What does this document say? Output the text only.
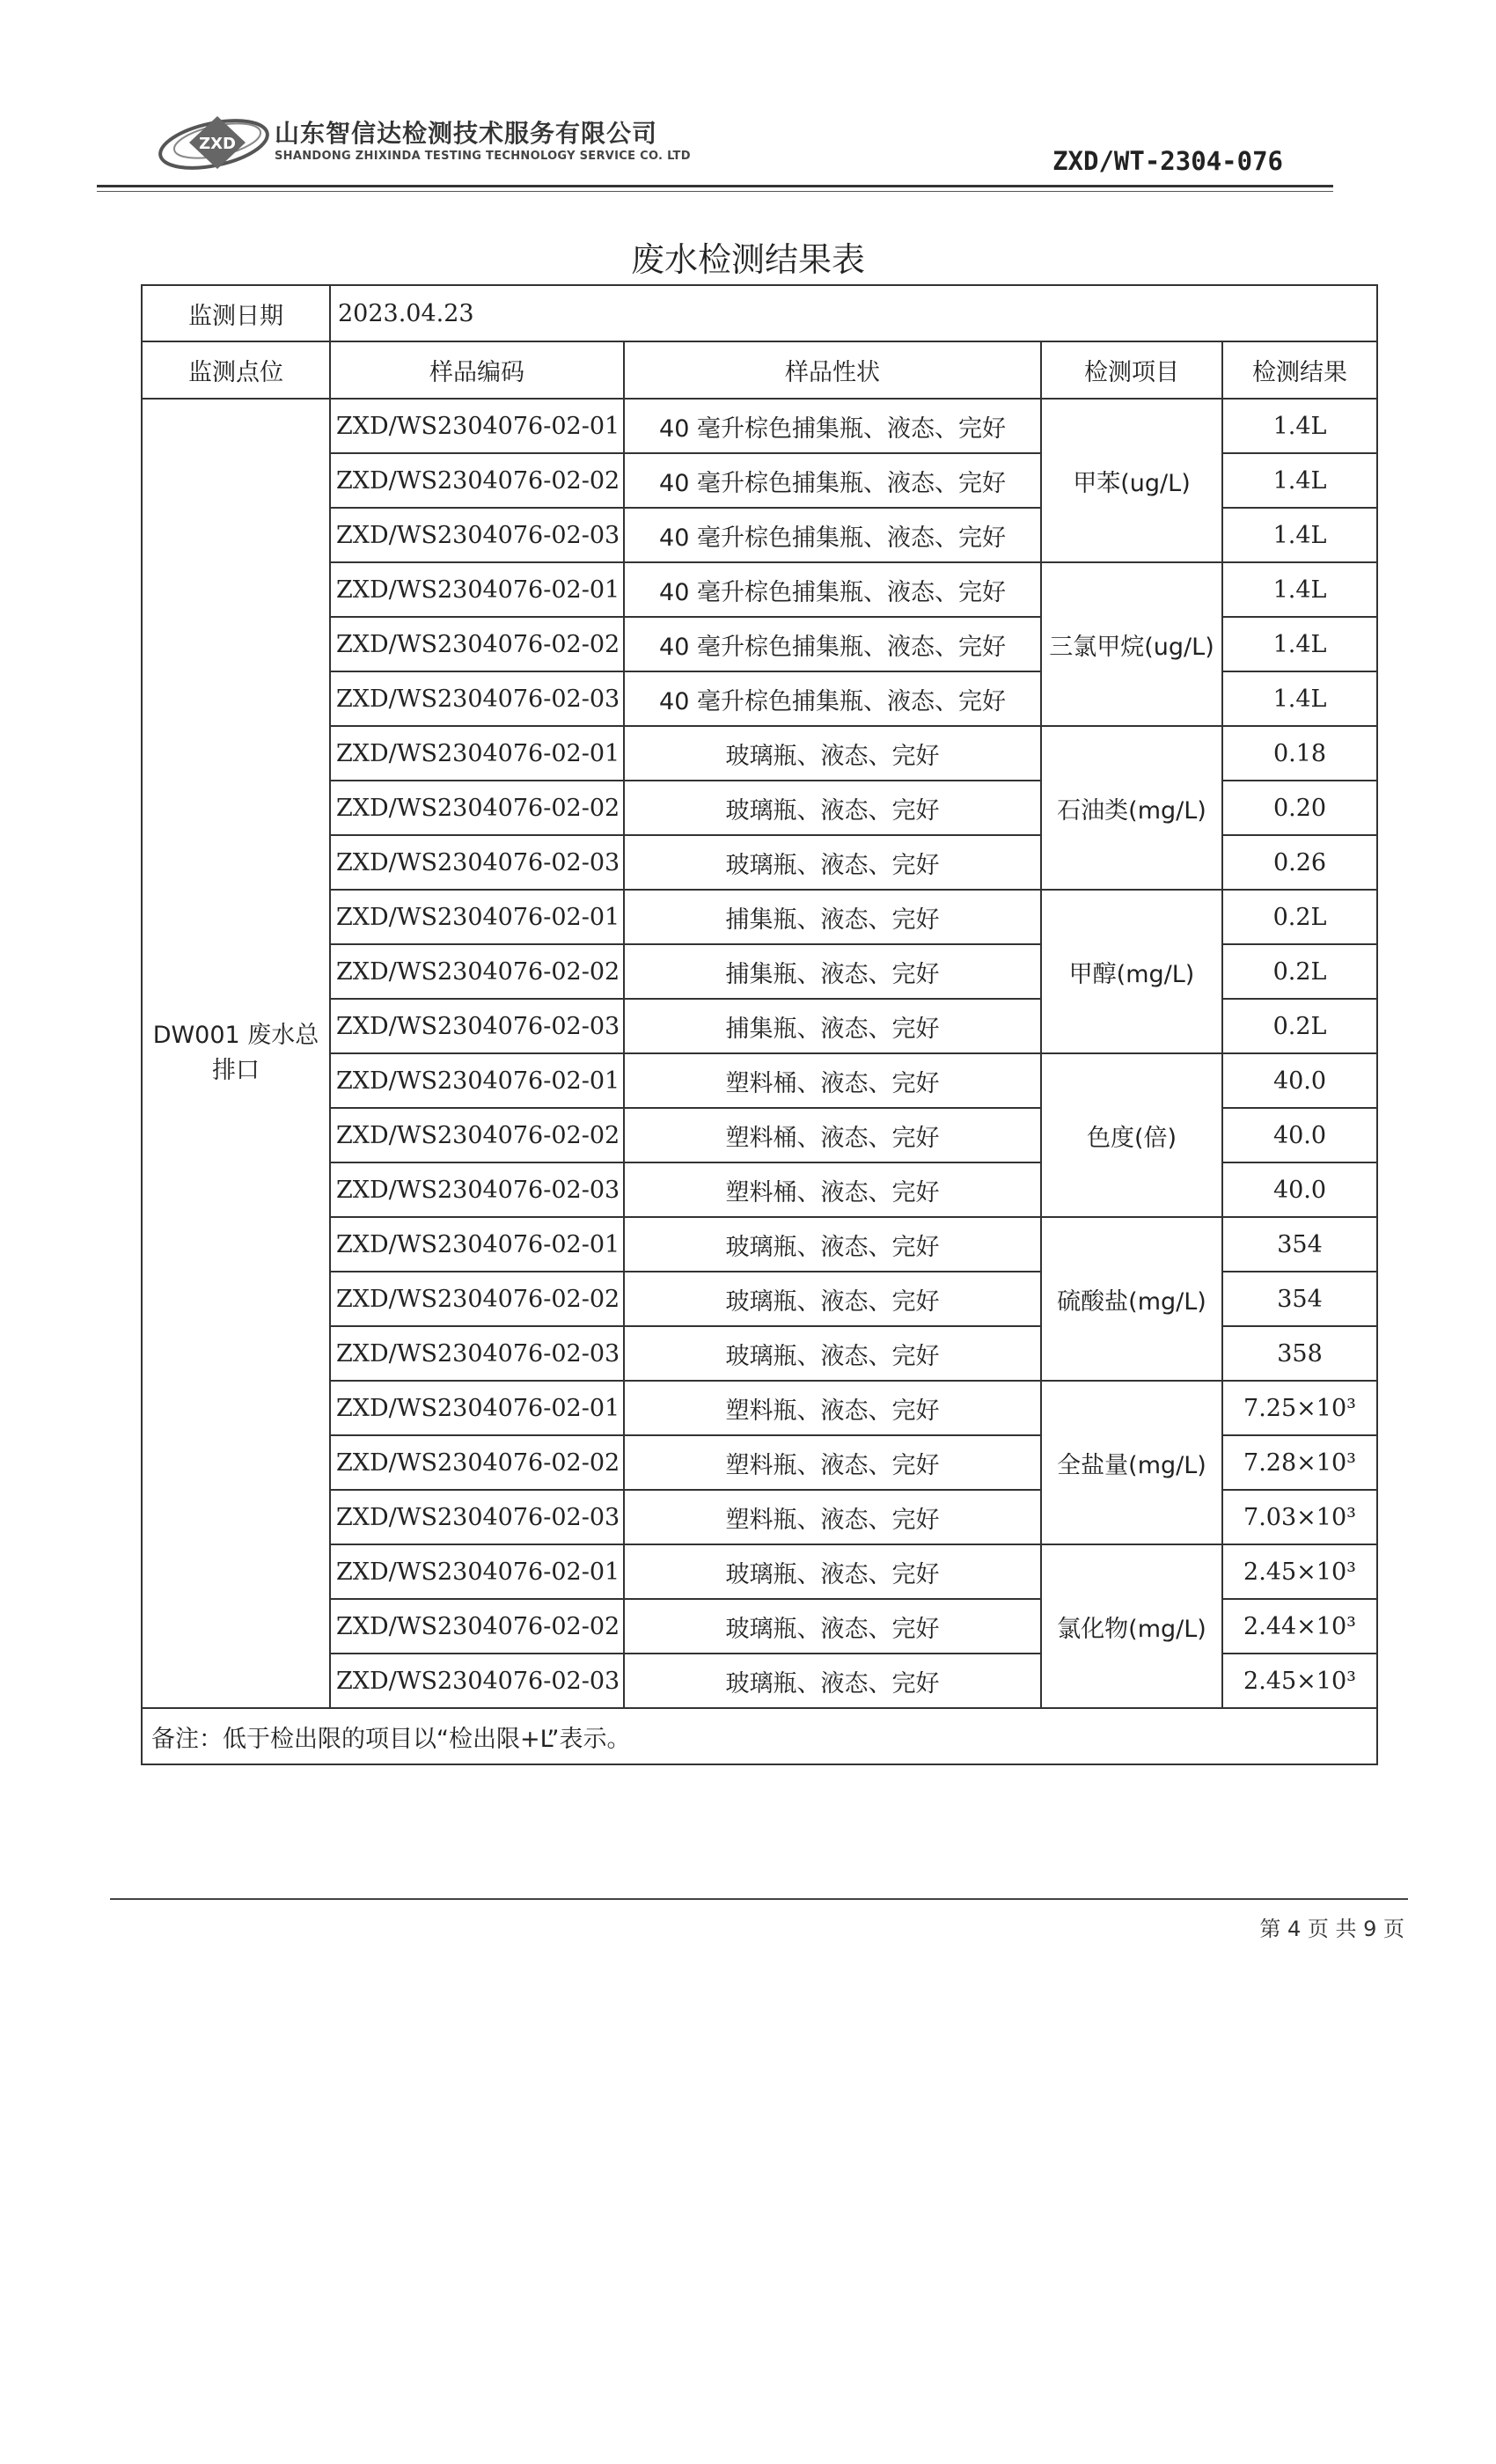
ZXD 山东智信达检测技术服务有限公司
SHANDONG ZHIXINDA TESTING TECHNOLOGY SERVICE CO. LTD	ZXD/WT-2304-076
废水检测结果表
监测日期	2023.04.23			
监测点位	样品编码	样品性状	检测项目	检测结果
DW001 废水总排口	ZXD/WS2304076-02-01	40 毫升棕色捕集瓶、液态、完好	甲苯(ug/L)	1.4L
	ZXD/WS2304076-02-02	40 毫升棕色捕集瓶、液态、完好		1.4L
	ZXD/WS2304076-02-03	40 毫升棕色捕集瓶、液态、完好		1.4L
	ZXD/WS2304076-02-01	40 毫升棕色捕集瓶、液态、完好	三氯甲烷(ug/L)	1.4L
	ZXD/WS2304076-02-02	40 毫升棕色捕集瓶、液态、完好		1.4L
	ZXD/WS2304076-02-03	40 毫升棕色捕集瓶、液态、完好		1.4L
	ZXD/WS2304076-02-01	玻璃瓶、液态、完好	石油类(mg/L)	0.18
	ZXD/WS2304076-02-02	玻璃瓶、液态、完好		0.20
	ZXD/WS2304076-02-03	玻璃瓶、液态、完好		0.26
	ZXD/WS2304076-02-01	捕集瓶、液态、完好	甲醇(mg/L)	0.2L
	ZXD/WS2304076-02-02	捕集瓶、液态、完好		0.2L
	ZXD/WS2304076-02-03	捕集瓶、液态、完好		0.2L
	ZXD/WS2304076-02-01	塑料桶、液态、完好	色度(倍)	40.0
	ZXD/WS2304076-02-02	塑料桶、液态、完好		40.0
	ZXD/WS2304076-02-03	塑料桶、液态、完好		40.0
	ZXD/WS2304076-02-01	玻璃瓶、液态、完好	硫酸盐(mg/L)	354
	ZXD/WS2304076-02-02	玻璃瓶、液态、完好		354
	ZXD/WS2304076-02-03	玻璃瓶、液态、完好		358
	ZXD/WS2304076-02-01	塑料瓶、液态、完好	全盐量(mg/L)	7.25×10³
	ZXD/WS2304076-02-02	塑料瓶、液态、完好		7.28×10³
	ZXD/WS2304076-02-03	塑料瓶、液态、完好		7.03×10³
	ZXD/WS2304076-02-01	玻璃瓶、液态、完好	氯化物(mg/L)	2.45×10³
	ZXD/WS2304076-02-02	玻璃瓶、液态、完好		2.44×10³
	ZXD/WS2304076-02-03	玻璃瓶、液态、完好		2.45×10³
备注：低于检出限的项目以“检出限+L”表示。				
第 4 页 共 9 页
